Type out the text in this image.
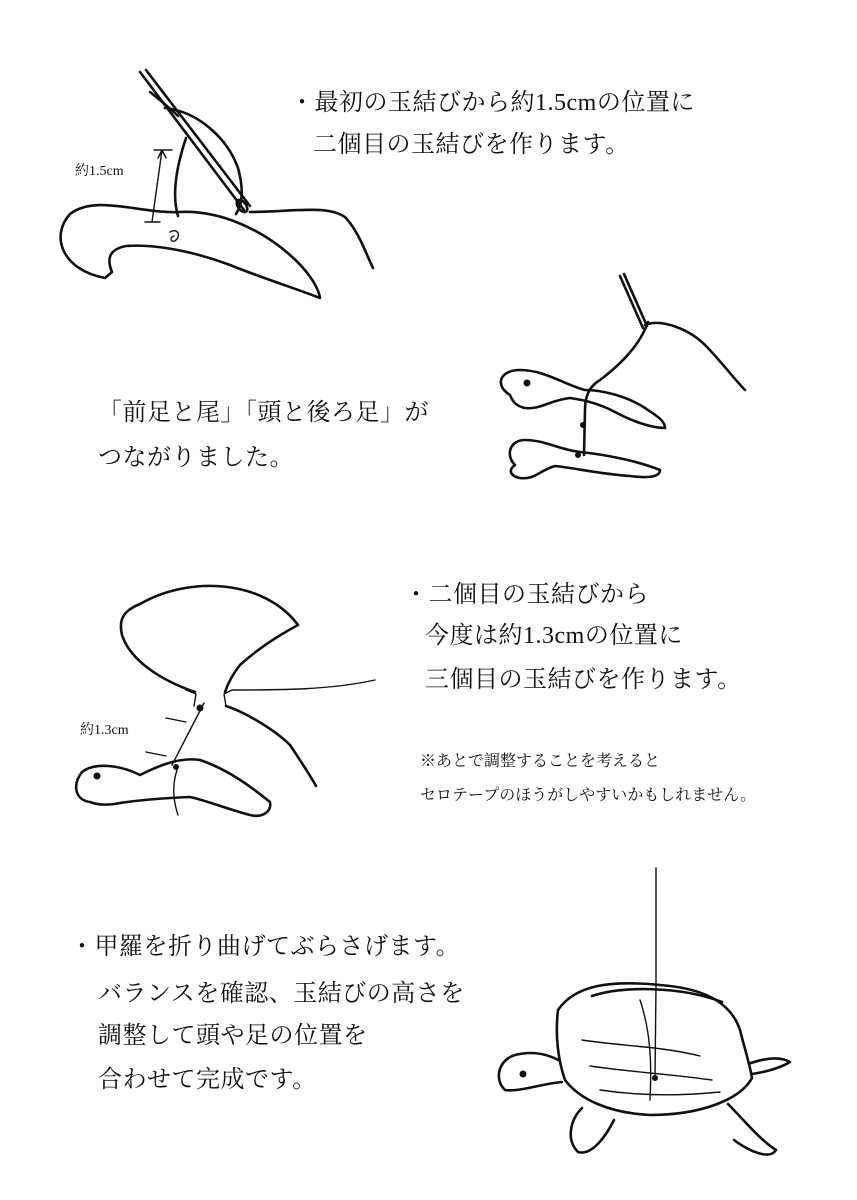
・最初の玉結びから約1.5cmの位置に
二個目の玉結びを作ります。
約1.5cm
「前足と尾」「頭と後ろ足」が
つながりました。
・二個目の玉結びから
今度は約1.3cmの位置に
三個目の玉結びを作ります。
約1.3cm
※あとで調整することを考えると
セロテープのほうがしやすいかもしれません。
・甲羅を折り曲げてぶらさげます。
バランスを確認、玉結びの高さを
調整して頭や足の位置を
合わせて完成です。
